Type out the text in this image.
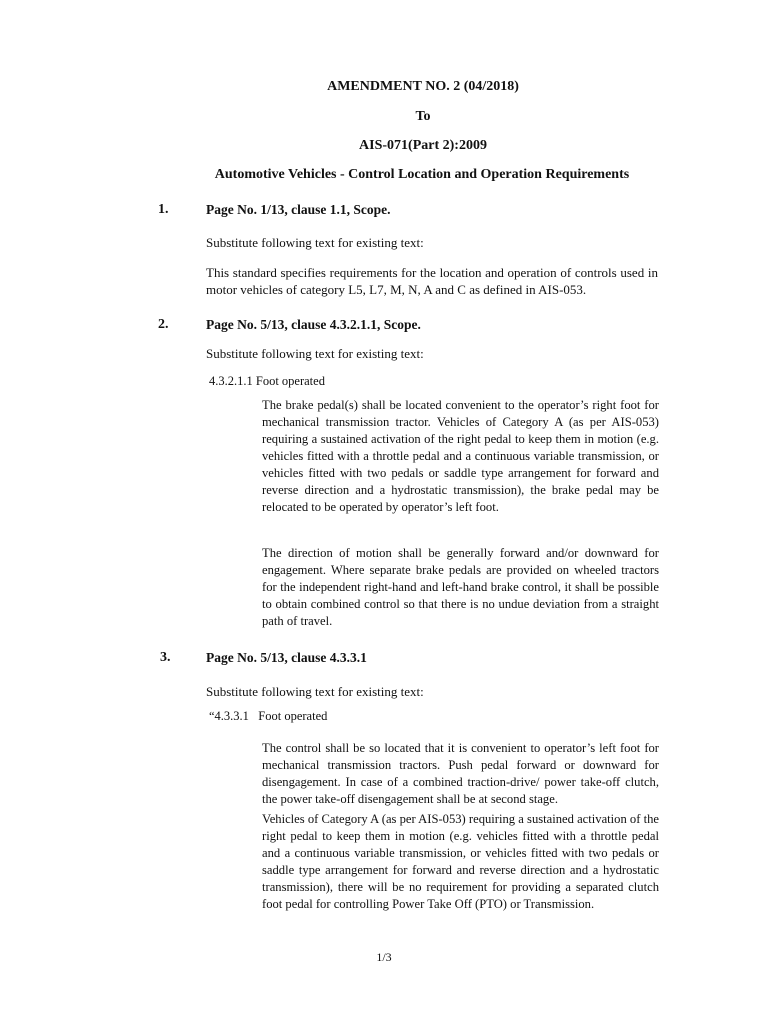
AMENDMENT NO. 2 (04/2018)
To
AIS-071(Part 2):2009
Automotive Vehicles - Control Location and Operation Requirements
1.	Page No. 1/13, clause 1.1, Scope.
Substitute following text for existing text:
This standard specifies requirements for the location and operation of controls used in motor vehicles of category L5, L7, M, N, A and C as defined in AIS-053.
2.	Page No. 5/13, clause 4.3.2.1.1, Scope.
Substitute following text for existing text:
4.3.2.1.1 Foot operated
The brake pedal(s) shall be located convenient to the operator’s right foot for mechanical transmission tractor. Vehicles of Category A (as per AIS-053) requiring a sustained activation of the right pedal to keep them in motion (e.g. vehicles fitted with a throttle pedal and a continuous variable transmission, or vehicles fitted with two pedals or saddle type arrangement for forward and reverse direction and a hydrostatic transmission), the brake pedal may be relocated to be operated by operator’s left foot.
The direction of motion shall be generally forward and/or downward for engagement. Where separate brake pedals are provided on wheeled tractors for the independent right-hand and left-hand brake control, it shall be possible to obtain combined control so that there is no undue deviation from a straight path of travel.
3.	Page No. 5/13, clause 4.3.3.1
Substitute following text for existing text:
“4.3.3.1   Foot operated
The control shall be so located that it is convenient to operator’s left foot for mechanical transmission tractors. Push pedal forward or downward for disengagement. In case of a combined traction-drive/ power take-off clutch, the power take-off disengagement shall be at second stage.
Vehicles of Category A (as per AIS-053) requiring a sustained activation of the right pedal to keep them in motion (e.g. vehicles fitted with a throttle pedal and a continuous variable transmission, or vehicles fitted with two pedals or saddle type arrangement for forward and reverse direction and a hydrostatic transmission), there will be no requirement for providing a separated clutch foot pedal for controlling Power Take Off (PTO) or Transmission.
1/3
